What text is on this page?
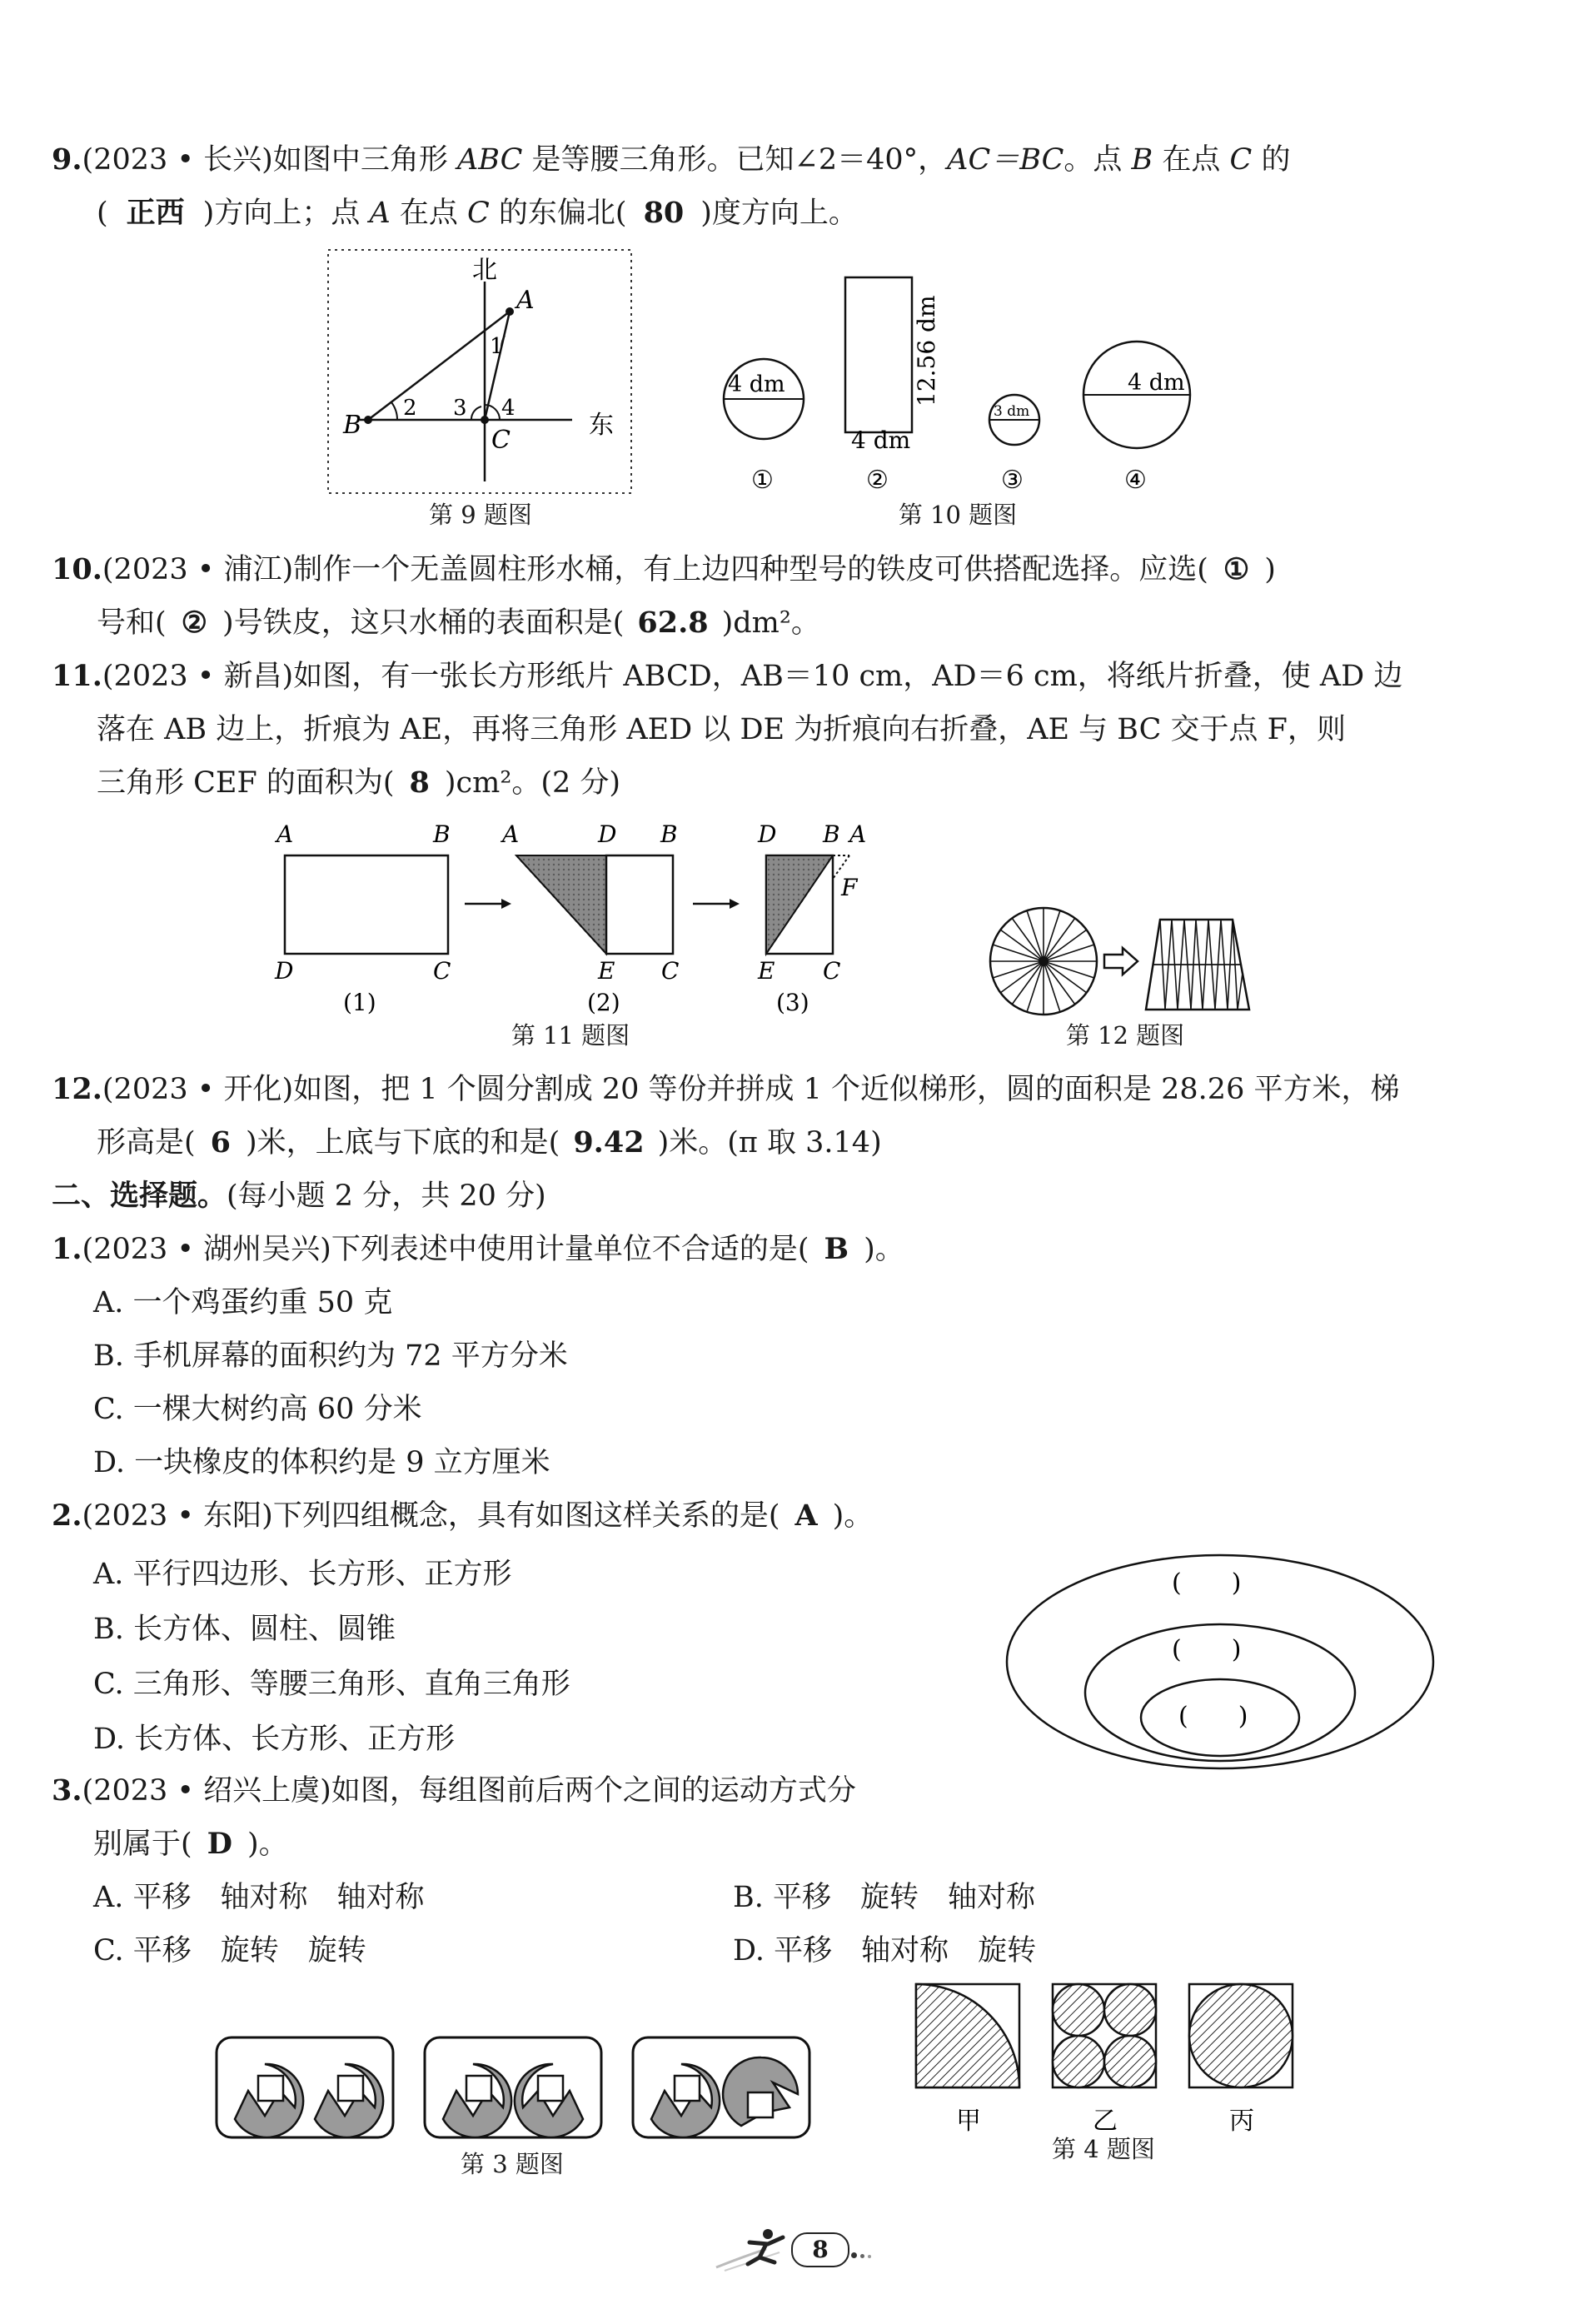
9.(2023 • 长兴)如图中三角形 ABC 是等腰三角形。已知∠2＝40°，AC＝BC。点 B 在点 C 的
( 正西 )方向上；点 A 在点 C 的东偏北( 80 )度方向上。
北
东
A
B
C
1
2 3 4
第 9 题图
4 dm	12.56 dm
4 dm
3 dm
4 dm
①	②	③	④
第 10 题图
10.(2023 • 浦江)制作一个无盖圆柱形水桶，有上边四种型号的铁皮可供搭配选择。应选( ① )
号和( ② )号铁皮，这只水桶的表面积是( 62.8 )dm²。
11.(2023 • 新昌)如图，有一张长方形纸片 ABCD，AB＝10 cm，AD＝6 cm，将纸片折叠，使 AD 边
落在 AB 边上，折痕为 AE，再将三角形 AED 以 DE 为折痕向右折叠，AE 与 BC 交于点 F，则
三角形 CEF 的面积为( 8 )cm²。(2 分)
A	B
D	C
(1)
A	D B
E C
(2)
D B A
F
E C
(3)
第 11 题图	第 12 题图
12.(2023 • 开化)如图，把 1 个圆分割成 20 等份并拼成 1 个近似梯形，圆的面积是 28.26 平方米，梯
形高是( 6 )米，上底与下底的和是( 9.42 )米。(π 取 3.14)
二、选择题。(每小题 2 分，共 20 分)
1.(2023 • 湖州吴兴)下列表述中使用计量单位不合适的是( B )。
A. 一个鸡蛋约重 50 克
B. 手机屏幕的面积约为 72 平方分米
C. 一棵大树约高 60 分米
D. 一块橡皮的体积约是 9 立方厘米
2.(2023 • 东阳)下列四组概念，具有如图这样关系的是( A )。
A. 平行四边形、长方形、正方形
B. 长方体、圆柱、圆锥
C. 三角形、等腰三角形、直角三角形
D. 长方体、长方形、正方形
(　　)
(　　)
(　　)
3.(2023 • 绍兴上虞)如图，每组图前后两个之间的运动方式分
别属于( D )。
A. 平移　轴对称　轴对称	B. 平移　旋转　轴对称
C. 平移　旋转　旋转	D. 平移　轴对称　旋转
第 3 题图
甲	乙	丙
第 4 题图
8
